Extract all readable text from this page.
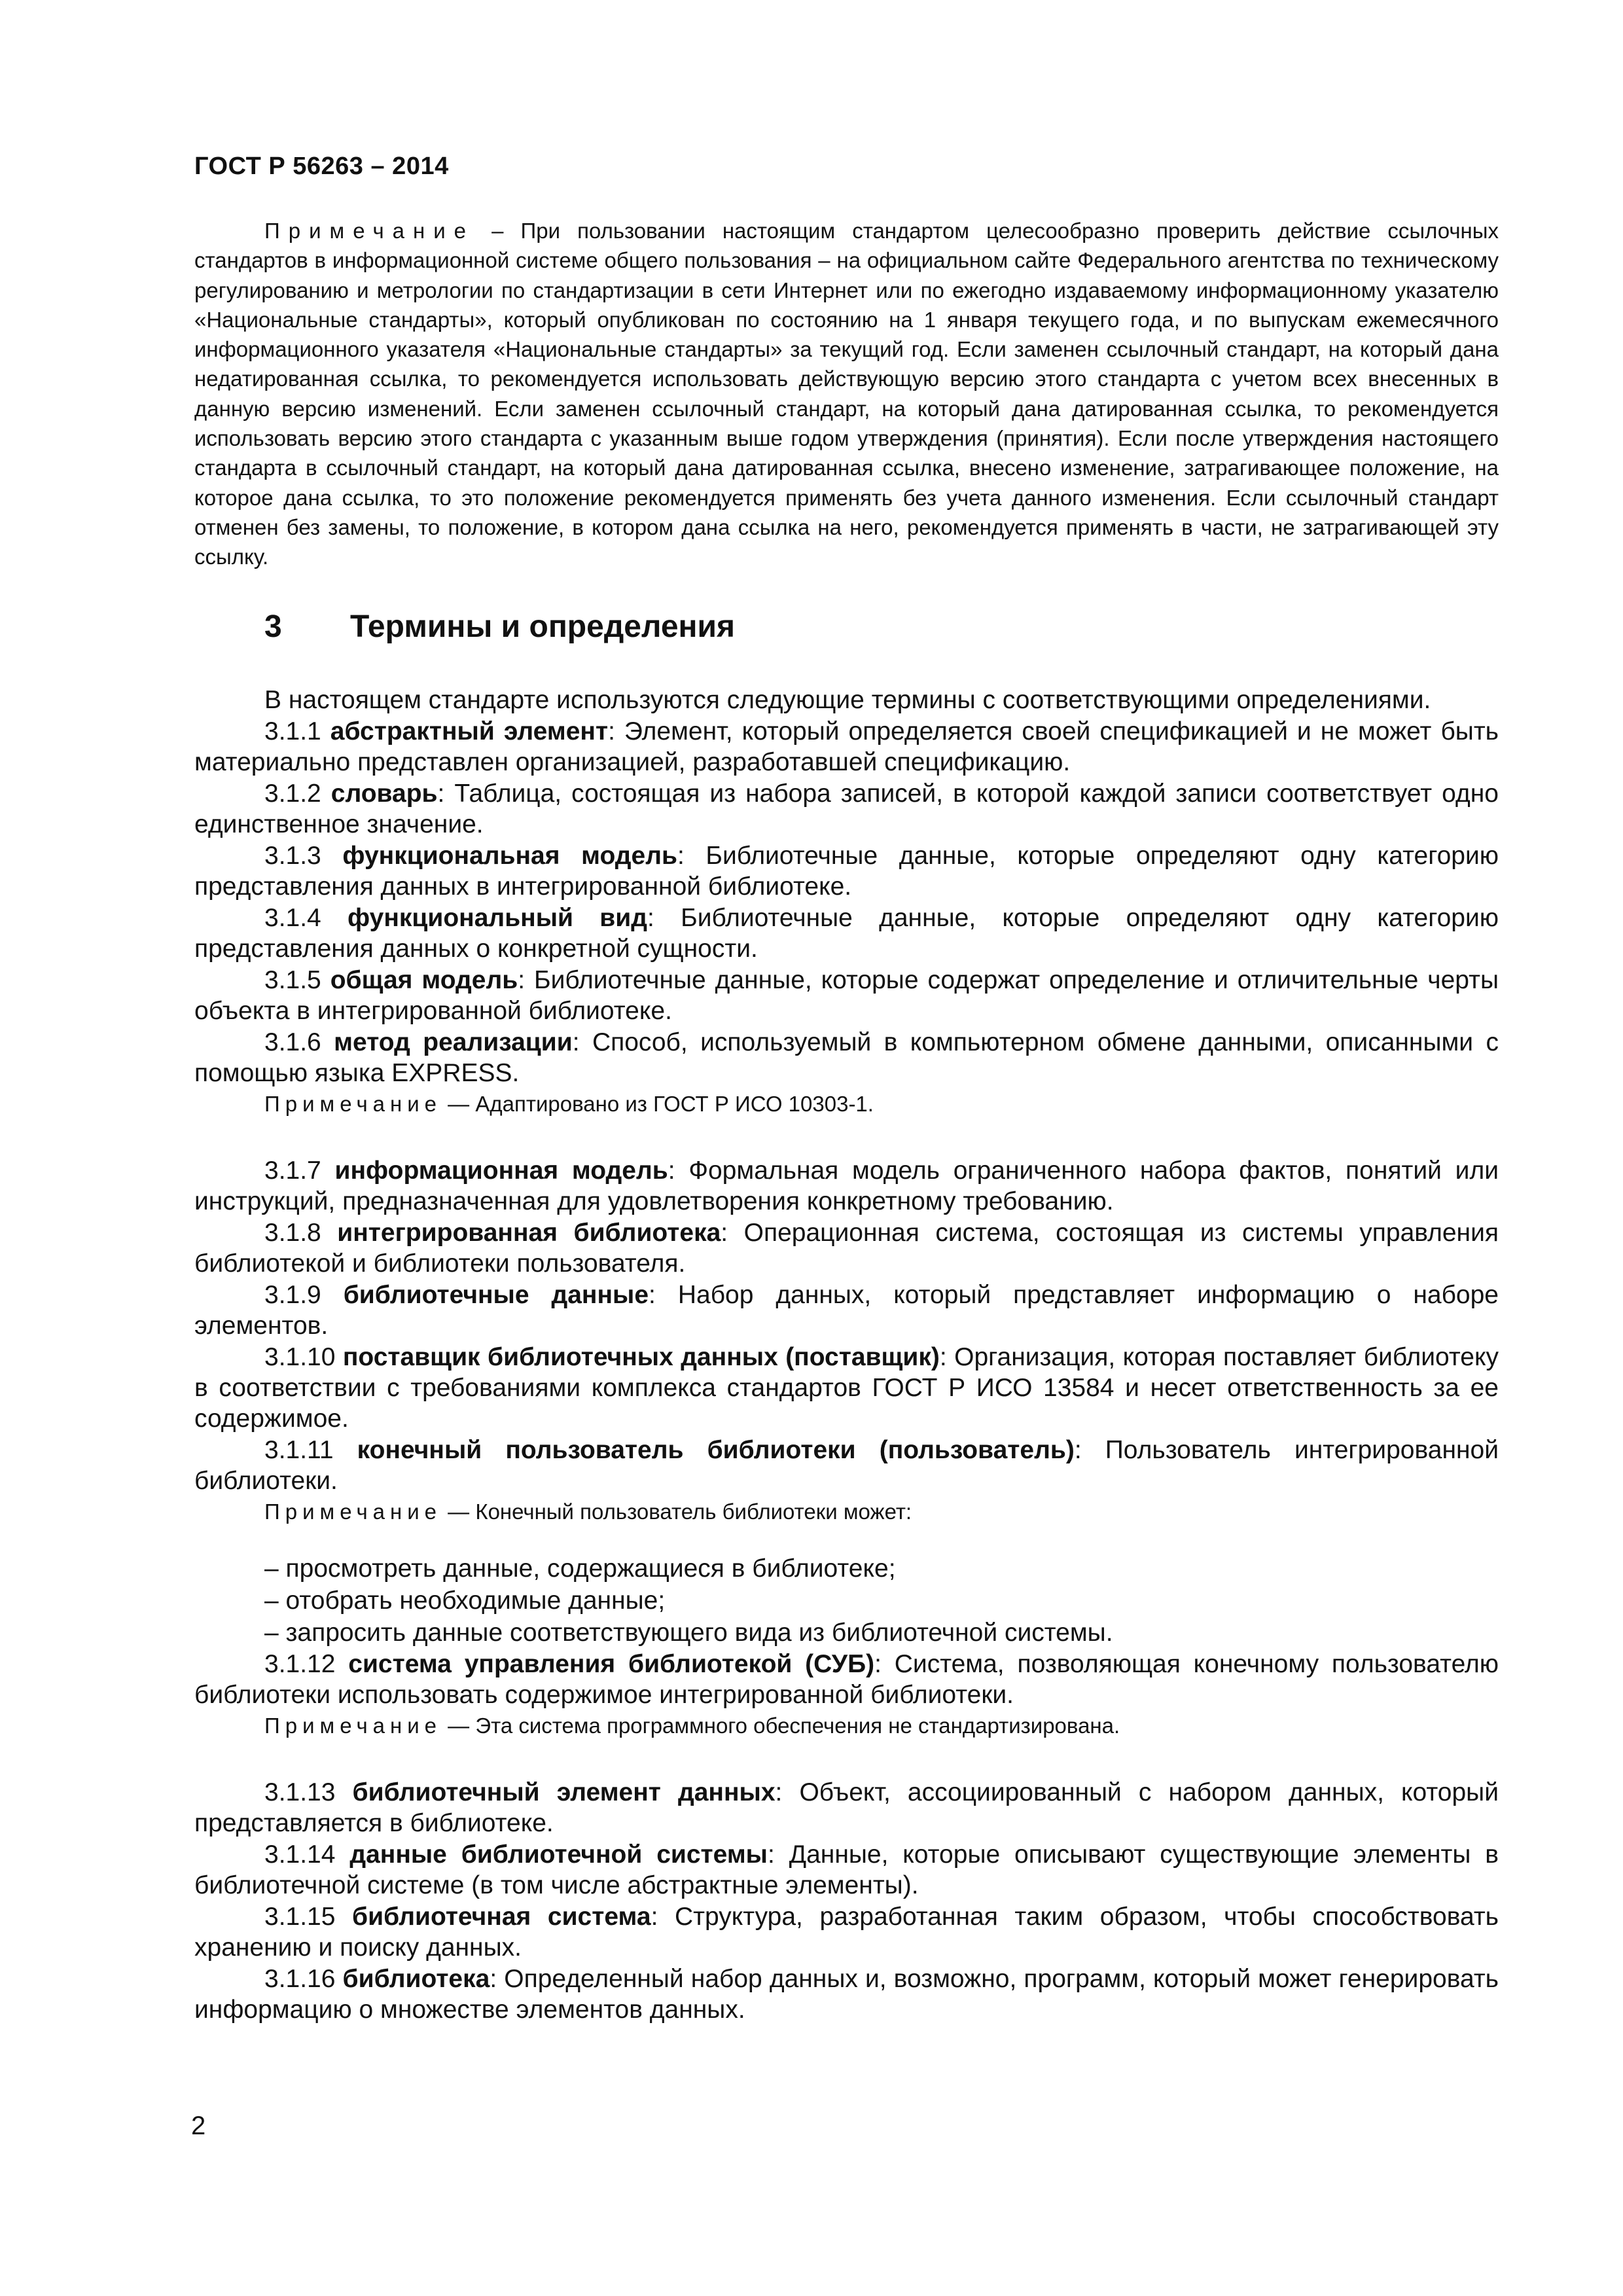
ГОСТ Р 56263 – 2014

Примечание – При пользовании настоящим стандартом целесообразно проверить действие ссылочных стандартов в информационной системе общего пользования – на официальном сайте Федерального агентства по техническому регулированию и метрологии по стандартизации в сети Интернет или по ежегодно издаваемому информационному указателю «Национальные стандарты», который опубликован по состоянию на 1 января текущего года, и по выпускам ежемесячного информационного указателя «Национальные стандарты» за текущий год. Если заменен ссылочный стандарт, на который дана недатированная ссылка, то рекомендуется использовать действующую версию этого стандарта с учетом всех внесенных в данную версию изменений. Если заменен ссылочный стандарт, на который дана датированная ссылка, то рекомендуется использовать версию этого стандарта с указанным выше годом утверждения (принятия). Если после утверждения настоящего стандарта в ссылочный стандарт, на который дана датированная ссылка, внесено изменение, затрагивающее положение, на которое дана ссылка, то это положение рекомендуется применять без учета данного изменения. Если ссылочный стандарт отменен без замены, то положение, в котором дана ссылка на него, рекомендуется применять в части, не затрагивающей эту ссылку.

3 Термины и определения

В настоящем стандарте используются следующие термины с соответствующими определениями.

3.1.1 абстрактный элемент: Элемент, который определяется своей спецификацией и не может быть материально представлен организацией, разработавшей спецификацию.

3.1.2 словарь: Таблица, состоящая из набора записей, в которой каждой записи соответствует одно единственное значение.

3.1.3 функциональная модель: Библиотечные данные, которые определяют одну категорию представления данных в интегрированной библиотеке.

3.1.4 функциональный вид: Библиотечные данные, которые определяют одну категорию представления данных о конкретной сущности.

3.1.5 общая модель: Библиотечные данные, которые содержат определение и отличительные черты объекта в интегрированной библиотеке.

3.1.6 метод реализации: Способ, используемый в компьютерном обмене данными, описанными с помощью языка EXPRESS.

Примечание — Адаптировано из ГОСТ Р ИСО 10303-1.

3.1.7 информационная модель: Формальная модель ограниченного набора фактов, понятий или инструкций, предназначенная для удовлетворения конкретному требованию.

3.1.8 интегрированная библиотека: Операционная система, состоящая из системы управления библиотекой и библиотеки пользователя.

3.1.9 библиотечные данные: Набор данных, который представляет информацию о наборе элементов.

3.1.10 поставщик библиотечных данных (поставщик): Организация, которая поставляет библиотеку в соответствии с требованиями комплекса стандартов ГОСТ Р ИСО 13584 и несет ответственность за ее содержимое.

3.1.11 конечный пользователь библиотеки (пользователь): Пользователь интегрированной библиотеки.

Примечание — Конечный пользователь библиотеки может:

– просмотреть данные, содержащиеся в библиотеке;

– отобрать необходимые данные;

– запросить данные соответствующего вида из библиотечной системы.

3.1.12 система управления библиотекой (СУБ): Система, позволяющая конечному пользователю библиотеки использовать содержимое интегрированной библиотеки.

Примечание — Эта система программного обеспечения не стандартизирована.

3.1.13 библиотечный элемент данных: Объект, ассоциированный с набором данных, который представляется в библиотеке.

3.1.14 данные библиотечной системы: Данные, которые описывают существующие элементы в библиотечной системе (в том числе абстрактные элементы).

3.1.15 библиотечная система: Структура, разработанная таким образом, чтобы способствовать хранению и поиску данных.

3.1.16 библиотека: Определенный набор данных и, возможно, программ, который может генерировать информацию о множестве элементов данных.

2
